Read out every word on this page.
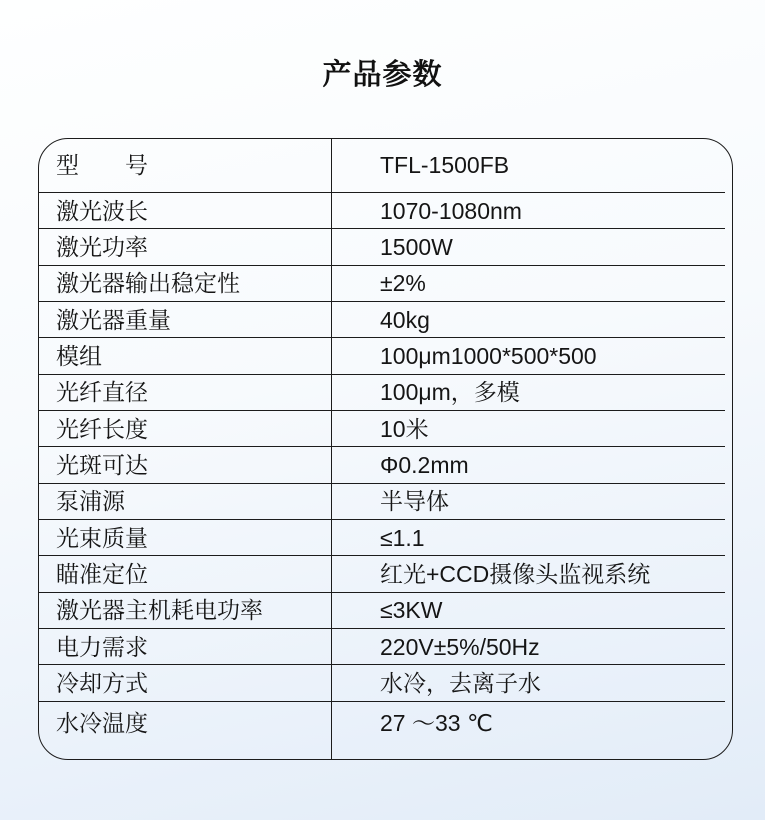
产品参数
型　　号	TFL-1500FB
激光波长	1070-1080nm
激光功率	1500W
激光器输出稳定性	±2%
激光器重量	40kg
模组	100μm1000*500*500
光纤直径	100μm，多模
光纤长度	10米
光斑可达	Φ0.2mm
泵浦源	半导体
光束质量	≤1.1
瞄准定位	红光+CCD摄像头监视系统
激光器主机耗电功率	≤3KW
电力需求	220V±5%/50Hz
冷却方式	水冷，去离子水
水冷温度	27 ～33 ℃
